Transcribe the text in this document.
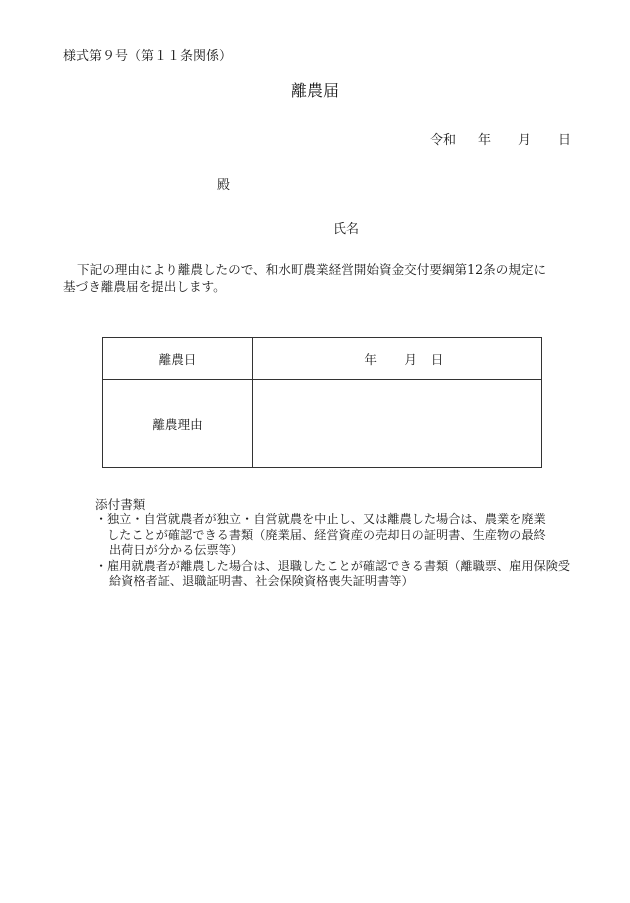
様式第９号（第１１条関係）
離農届
令和 年 月 日
殿
氏名
下記の理由により離農したので、和水町農業経営開始資金交付要綱第12条の規定に
基づき離農届を提出します。
離農日	年 月 日
離農理由	
添付書類
・ 独立・自営就農者が独立・自営就農を中止し、又は離農した場合は、農業を廃業
したことが確認できる書類（廃業届、経営資産の売却日の証明書、生産物の最終
出荷日が分かる伝票等）
・ 雇用就農者が離農した場合は、退職したことが確認できる書類（離職票、雇用保険受
給資格者証、退職証明書、社会保険資格喪失証明書等）
